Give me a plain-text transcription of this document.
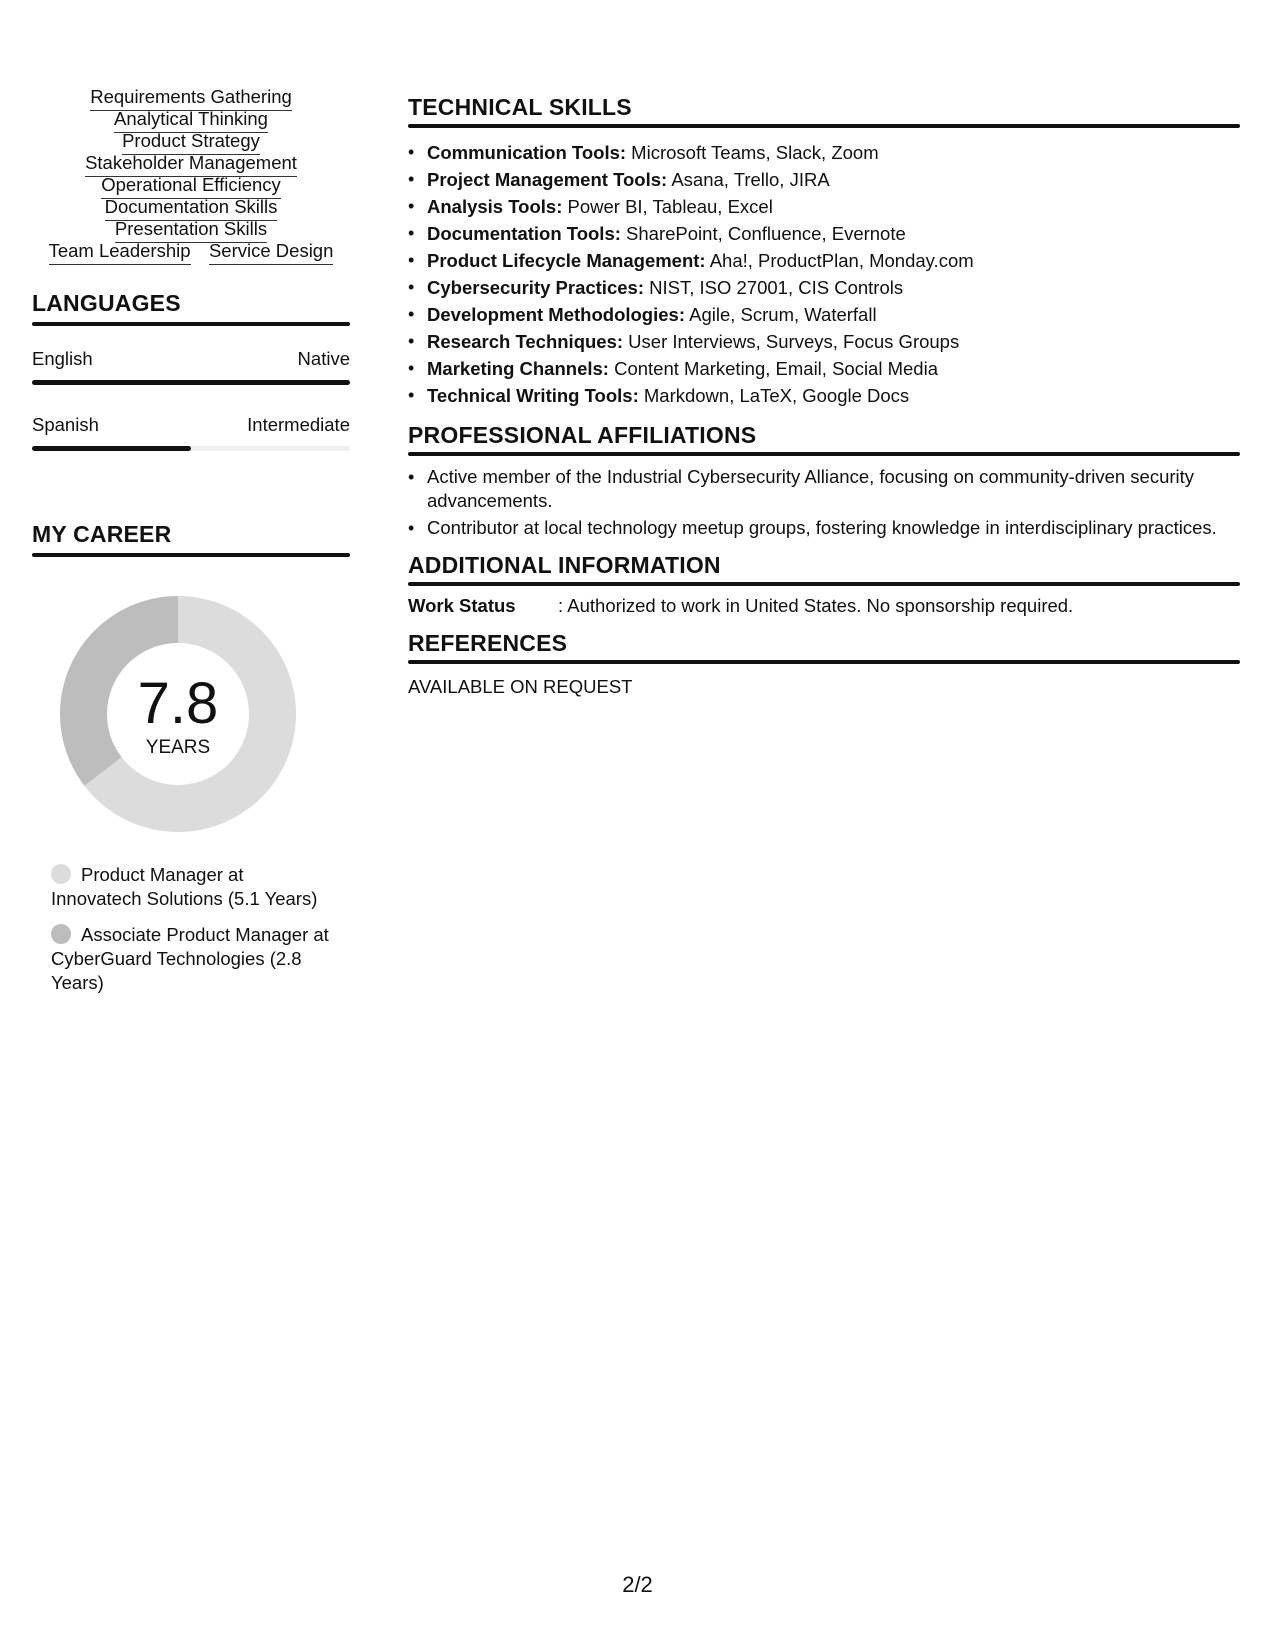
Requirements Gathering
Analytical Thinking
Product Strategy
Stakeholder Management
Operational Efficiency
Documentation Skills
Presentation Skills
Team Leadership Service Design
LANGUAGES
English	Native
Spanish	Intermediate
MY CAREER
7.8
YEARS
Product Manager at Innovatech Solutions (5.1 Years)
Associate Product Manager at CyberGuard Technologies (2.8 Years)
TECHNICAL SKILLS
• Communication Tools: Microsoft Teams, Slack, Zoom
• Project Management Tools: Asana, Trello, JIRA
• Analysis Tools: Power BI, Tableau, Excel
• Documentation Tools: SharePoint, Confluence, Evernote
• Product Lifecycle Management: Aha!, ProductPlan, Monday.com
• Cybersecurity Practices: NIST, ISO 27001, CIS Controls
• Development Methodologies: Agile, Scrum, Waterfall
• Research Techniques: User Interviews, Surveys, Focus Groups
• Marketing Channels: Content Marketing, Email, Social Media
• Technical Writing Tools: Markdown, LaTeX, Google Docs
PROFESSIONAL AFFILIATIONS
• Active member of the Industrial Cybersecurity Alliance, focusing on community-driven security advancements.
• Contributor at local technology meetup groups, fostering knowledge in interdisciplinary practices.
ADDITIONAL INFORMATION
Work Status	: Authorized to work in United States. No sponsorship required.
REFERENCES
AVAILABLE ON REQUEST
2/2
